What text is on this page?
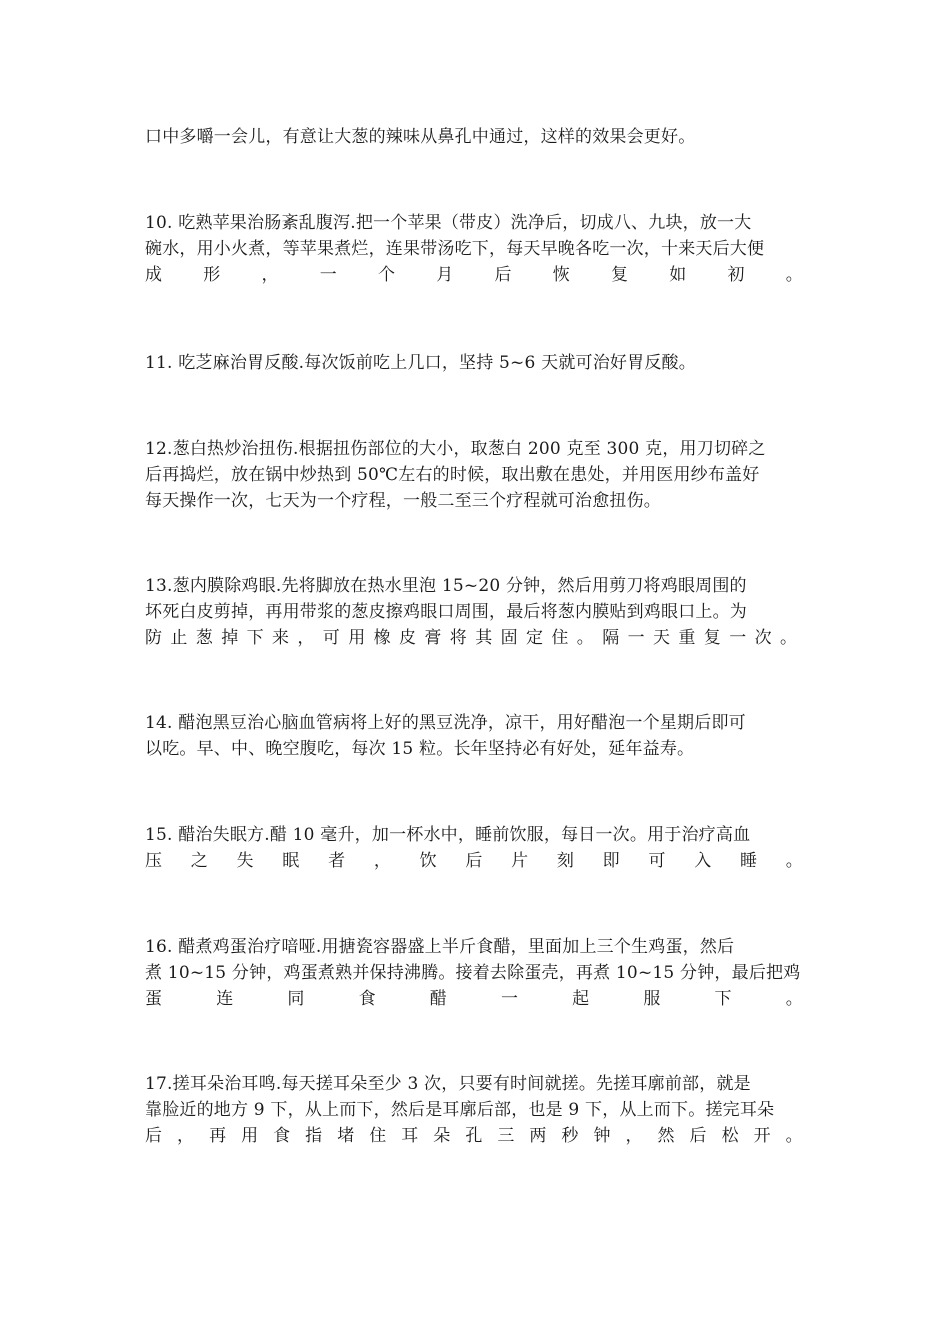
口中多嚼一会儿，有意让大葱的辣味从鼻孔中通过，这样的效果会更好。

10. 吃熟苹果治肠紊乱腹泻.把一个苹果（带皮）洗净后，切成八、九块，放一大
碗水，用小火煮，等苹果煮烂，连果带汤吃下，每天早晚各吃一次，十来天后大便
成 形 ， 一 个 月 后 恢 复 如 初 。

11. 吃芝麻治胃反酸.每次饭前吃上几口，坚持 5~6 天就可治好胃反酸。

12.葱白热炒治扭伤.根据扭伤部位的大小，取葱白 200 克至 300 克，用刀切碎之
后再捣烂，放在锅中炒热到 50℃左右的时候，取出敷在患处，并用医用纱布盖好
每天操作一次，七天为一个疗程，一般二至三个疗程就可治愈扭伤。

13.葱内膜除鸡眼.先将脚放在热水里泡 15~20 分钟，然后用剪刀将鸡眼周围的
坏死白皮剪掉，再用带浆的葱皮擦鸡眼口周围，最后将葱内膜贴到鸡眼口上。为
防止葱掉下来，可用橡皮膏将其固定住。隔一天重复一次。

14. 醋泡黑豆治心脑血管病将上好的黑豆洗净，凉干，用好醋泡一个星期后即可
以吃。早、中、晚空腹吃，每次 15 粒。长年坚持必有好处，延年益寿。

15. 醋治失眠方.醋 10 毫升，加一杯水中，睡前饮服，每日一次。用于治疗高血
压 之 失 眠 者 ， 饮 后 片 刻 即 可 入 睡 。

16. 醋煮鸡蛋治疗喑哑.用搪瓷容器盛上半斤食醋，里面加上三个生鸡蛋，然后
煮 10~15 分钟，鸡蛋煮熟并保持沸腾。接着去除蛋壳，再煮 10~15 分钟，最后把鸡
蛋	连	同	食	醋	一	起	服	下	。

17.搓耳朵治耳鸣.每天搓耳朵至少 3 次，只要有时间就搓。先搓耳廓前部，就是
靠脸近的地方 9 下，从上而下，然后是耳廓后部，也是 9 下，从上而下。搓完耳朵
后 ， 再 用 食 指 堵 住 耳 朵 孔 三 两 秒 钟 ， 然 后 松 开 。
